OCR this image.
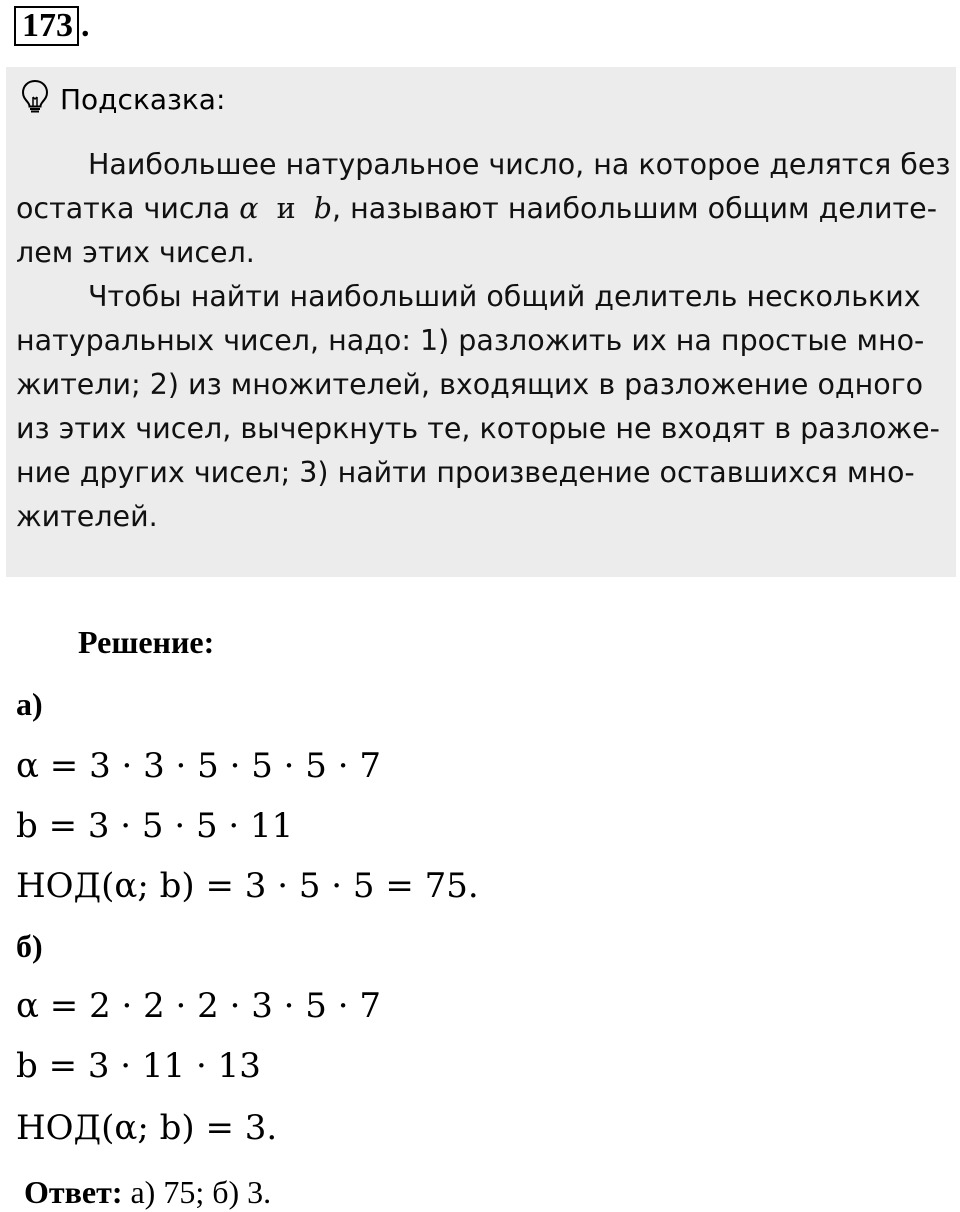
173 .
Подсказка:
Наибольшее натуральное число, на которое делятся без
остатка числа α и b, называют наибольшим общим делите-
лем этих чисел.
Чтобы найти наибольший общий делитель нескольких
натуральных чисел, надо: 1) разложить их на простые мно-
жители; 2) из множителей, входящих в разложение одного
из этих чисел, вычеркнуть те, которые не входят в разложе-
ние других чисел; 3) найти произведение оставшихся мно-
жителей.
Решение:
а)
α = 3 · 3 · 5 · 5 · 5 · 7
b = 3 · 5 · 5 · 11
НОД(α; b) = 3 · 5 · 5 = 75.
б)
α = 2 · 2 · 2 · 3 · 5 · 7
b = 3 · 11 · 13
НОД(α; b) = 3.
Ответ: а) 75; б) 3.
